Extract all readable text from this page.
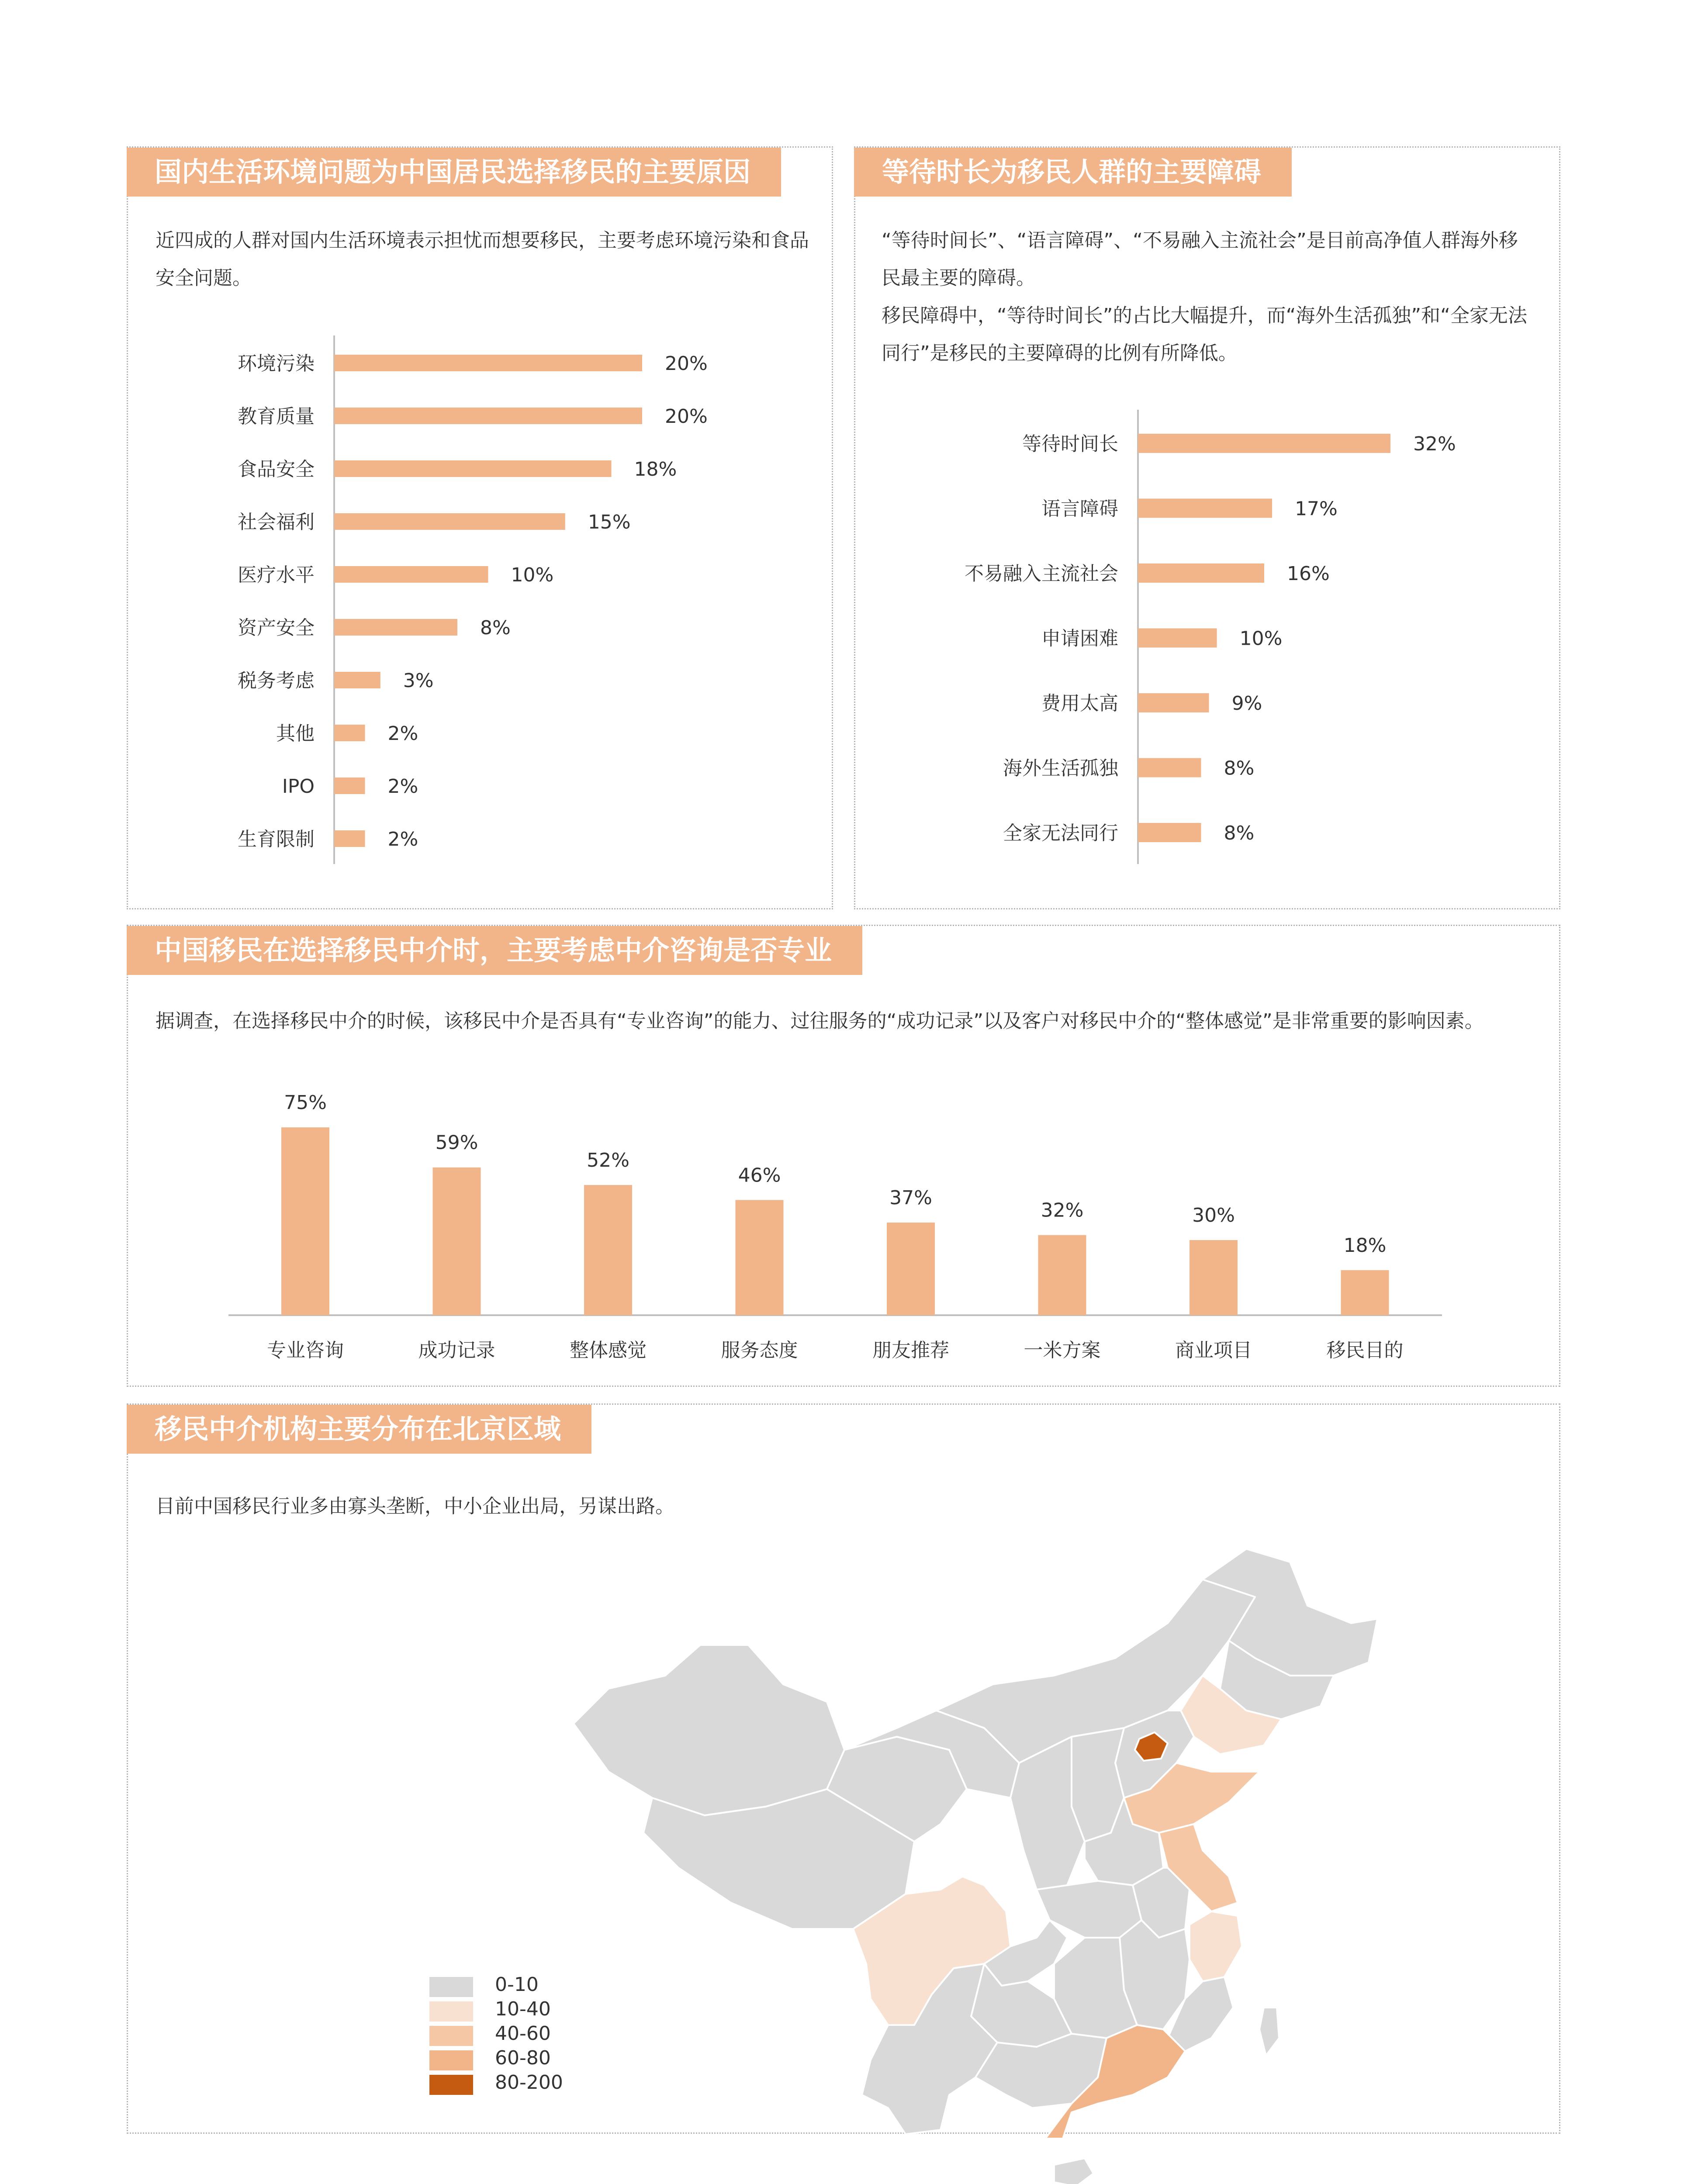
国内生活环境问题为中国居民选择移民的主要原因
近四成的人群对国内生活环境表示担忧而想要移民，主要考虑环境污染和食品安全问题。
环境污染	20%
教育质量	20%
食品安全	18%
社会福利	15%
医疗水平	10%
资产安全	8%
税务考虑	3%
其他	2%
IPO	2%
生育限制	2%
等待时长为移民人群的主要障碍

“等待时间长”、“语言障碍”、“不易融入主流社会”是目前高净值人群海外移民最主要的障碍。

移民障碍中，“等待时间长”的占比大幅提升，而“海外生活孤独”和“全家无法同行”是移民的主要障碍的比例有所降低。

等待时间长	32%
语言障碍	17%
不易融入主流社会	16%
申请困难	10%
费用太高	9%
海外生活孤独	8%
全家无法同行	8%
中国移民在选择移民中介时，主要考虑中介咨询是否专业
据调查，在选择移民中介的时候，该移民中介是否具有“专业咨询”的能力、过往服务的“成功记录”以及客户对移民中介的“整体感觉”是非常重要的影响因素。
75%
专业咨询
59%
成功记录
52%
整体感觉
46%
服务态度
37%
朋友推荐
32%
一米方案
30%
商业项目
18%
移民目的
移民中介机构主要分布在北京区域
目前中国移民行业多由寡头垄断，中小企业出局，另谋出路。
0-10
10-40
40-60
60-80
80-200
